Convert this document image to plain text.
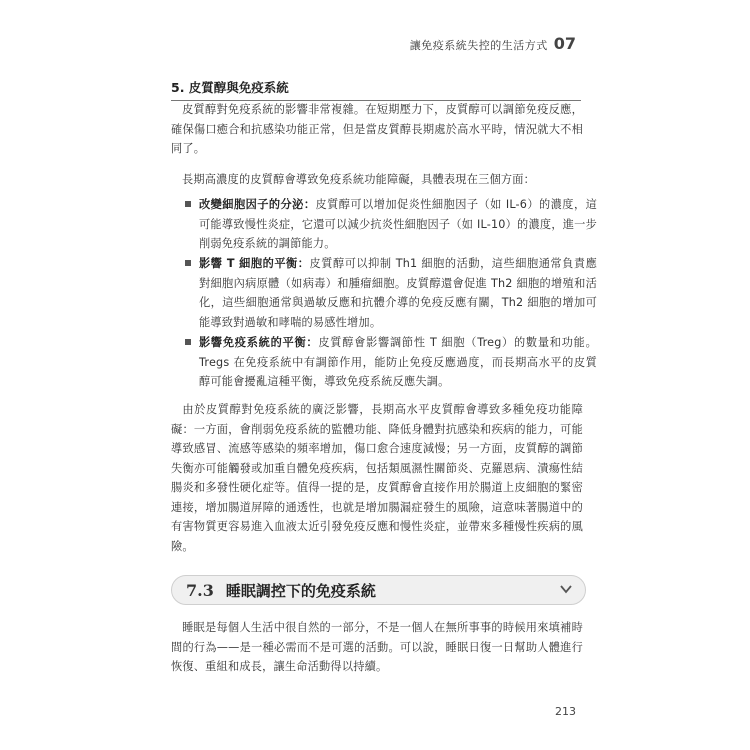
讓免疫系統失控的生活方式 07
5. 皮質醇與免疫系統
皮質醇對免疫系統的影響非常複雜。在短期壓力下，皮質醇可以調節免疫反應，確保傷口癒合和抗感染功能正常，但是當皮質醇長期處於高水平時，情況就大不相同了。
長期高濃度的皮質醇會導致免疫系統功能障礙，具體表現在三個方面：
改變細胞因子的分泌：皮質醇可以增加促炎性細胞因子（如 IL-6）的濃度，這可能導致慢性炎症，它還可以減少抗炎性細胞因子（如 IL-10）的濃度，進一步削弱免疫系統的調節能力。
影響 T 細胞的平衡：皮質醇可以抑制 Th1 細胞的活動，這些細胞通常負責應對細胞內病原體（如病毒）和腫瘤細胞。皮質醇還會促進 Th2 細胞的增殖和活化，這些細胞通常與過敏反應和抗體介導的免疫反應有關，Th2 細胞的增加可能導致對過敏和哮喘的易感性增加。
影響免疫系統的平衡：皮質醇會影響調節性 T 細胞（Treg）的數量和功能。Tregs 在免疫系統中有調節作用，能防止免疫反應過度，而長期高水平的皮質醇可能會擾亂這種平衡，導致免疫系統反應失調。
由於皮質醇對免疫系統的廣泛影響，長期高水平皮質醇會導致多種免疫功能障礙：一方面，會削弱免疫系統的監體功能、降低身體對抗感染和疾病的能力，可能導致感冒、流感等感染的頻率增加，傷口愈合速度減慢；另一方面，皮質醇的調節失衡亦可能觸發或加重自體免疫疾病，包括類風濕性關節炎、克羅恩病、潰瘍性結腸炎和多發性硬化症等。值得一提的是，皮質醇會直接作用於腸道上皮細胞的緊密連接，增加腸道屏障的通透性，也就是增加腸漏症發生的風險，這意味著腸道中的有害物質更容易進入血液太近引發免疫反應和慢性炎症，並帶來多種慢性疾病的風險。
7.3 睡眠調控下的免疫系統
睡眠是每個人生活中很自然的一部分，不是一個人在無所事事的時候用來填補時間的行為——是一種必需而不是可選的活動。可以說，睡眠日復一日幫助人體進行恢復、重組和成長，讓生命活動得以持續。
213
